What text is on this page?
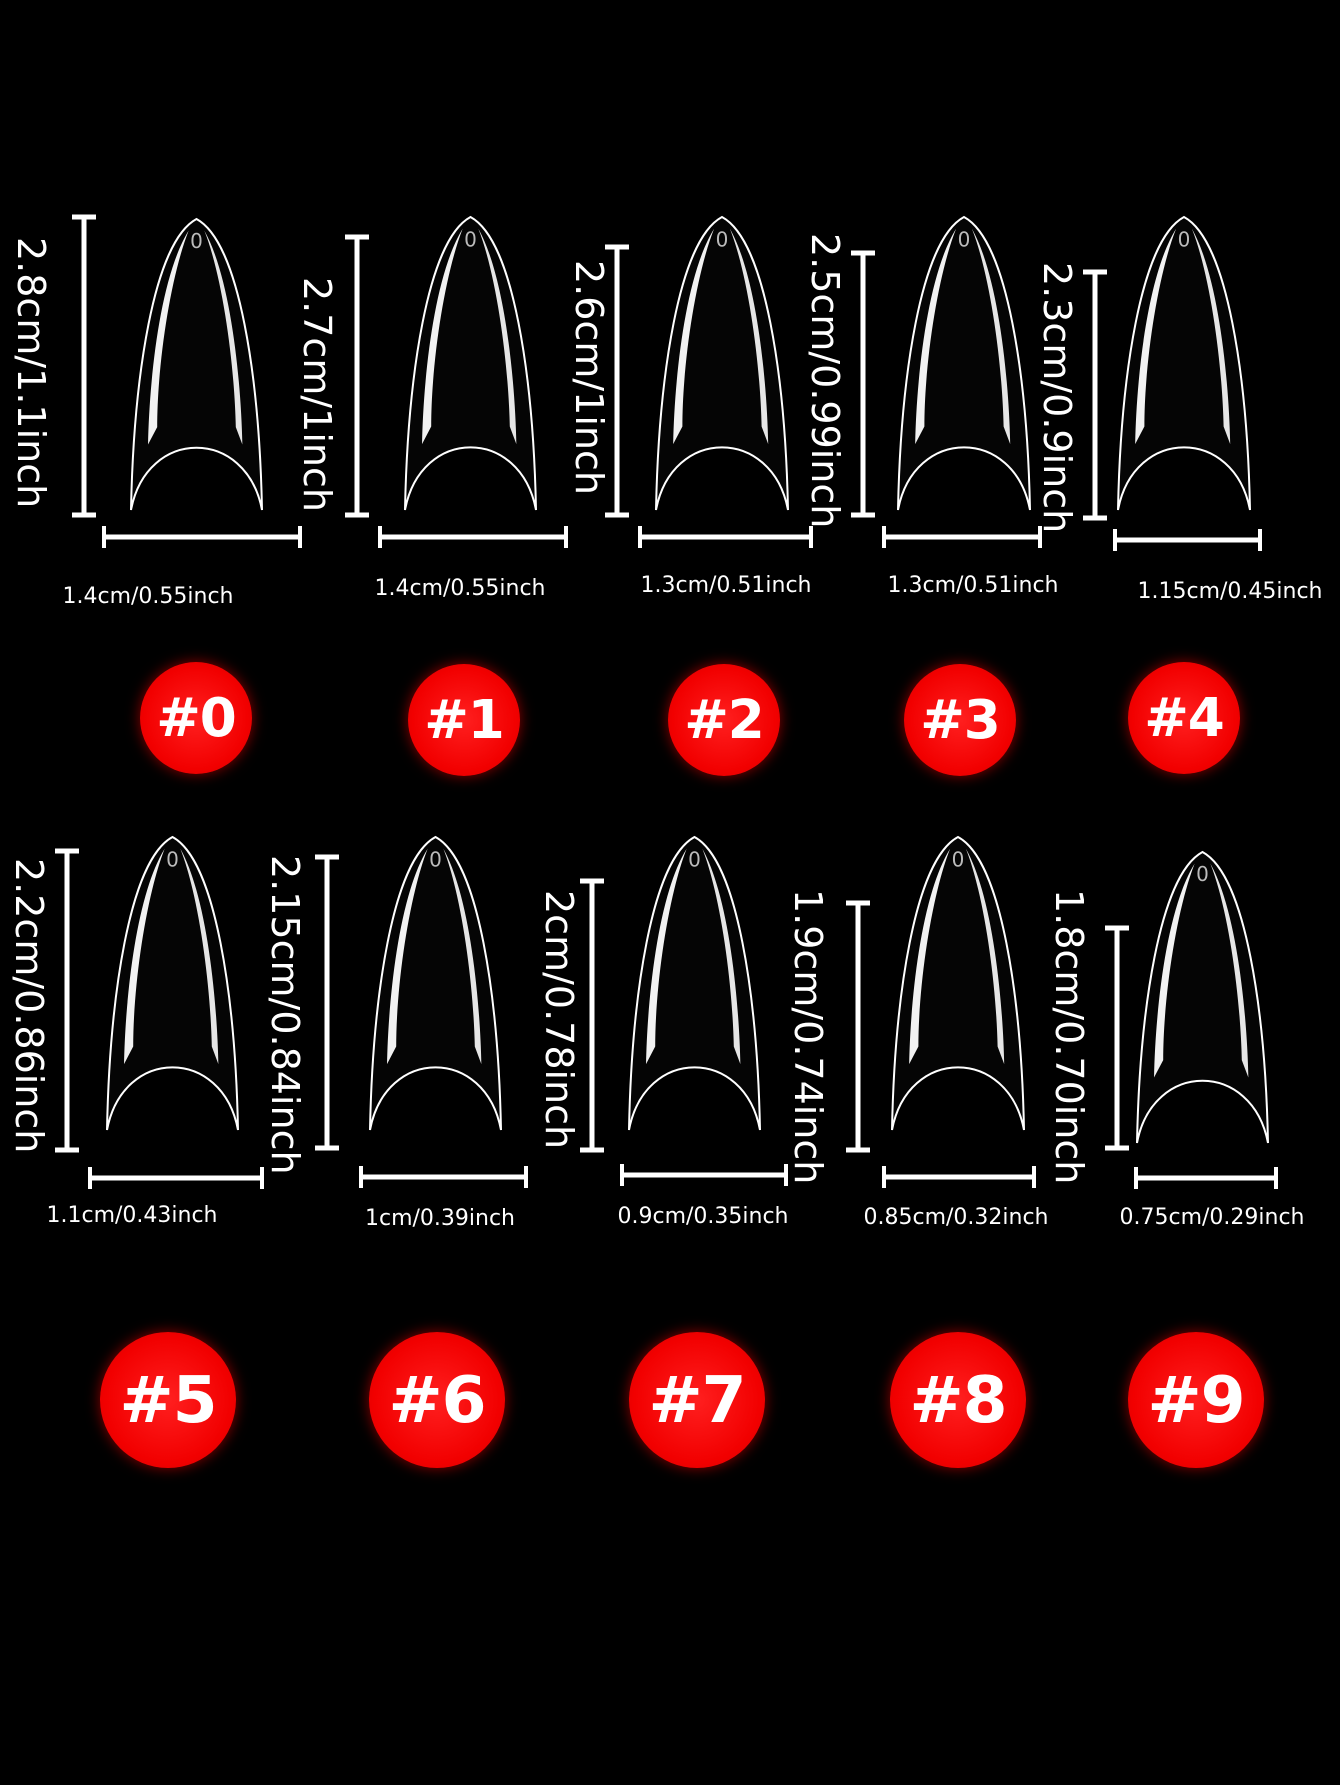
0	0	0	0	0
0	0	0	0
0
2.8cm/1.1inch
1.4cm/0.55inch
#0
2.7cm/1inch
1.4cm/0.55inch
#1
2.6cm/1inch
1.3cm/0.51inch
#2
2.5cm/0.99inch
1.3cm/0.51inch
#3
2.3cm/0.9inch
1.15cm/0.45inch
#4
2.2cm/0.86inch
1.1cm/0.43inch
#5
2.15cm/0.84inch
1cm/0.39inch
#6
2cm/0.78inch
0.9cm/0.35inch
#7
1.9cm/0.74inch
0.85cm/0.32inch
#8
1.8cm/0.70inch
0.75cm/0.29inch
#9
